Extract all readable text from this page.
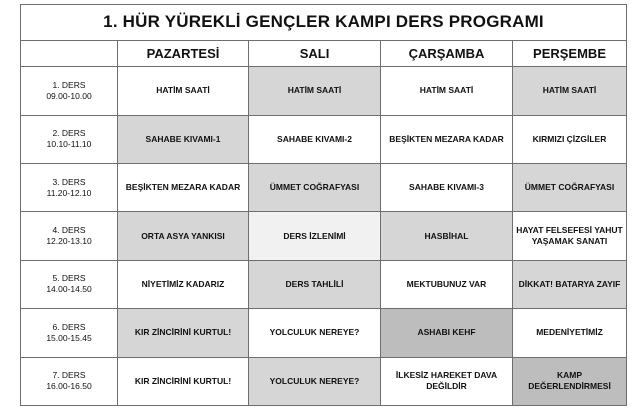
1. HÜR YÜREKLİ GENÇLER KAMPI DERS PROGRAMI				
	PAZARTESİ	SALI	ÇARŞAMBA	PERŞEMBE

1. DERS
09.00-10.00	HATİM SAATİ	HATİM SAATİ	HATİM SAATİ	HATİM SAATİ

2. DERS
10.10-11.10	SAHABE KIVAMI-1	SAHABE KIVAMI-2	BEŞİKTEN MEZARA KADAR	KIRMIZI ÇİZGİLER

3. DERS
11.20-12.10	BEŞİKTEN MEZARA KADAR	ÜMMET COĞRAFYASI	SAHABE KIVAMI-3	ÜMMET COĞRAFYASI

4. DERS
12.20-13.10	ORTA ASYA YANKISI	DERS İZLENİMİ	HASBİHAL	HAYAT FELSEFESİ YAHUT
YAŞAMAK SANATI

5. DERS
14.00-14.50	NİYETİMİZ KADARIZ	DERS TAHLİLİ	MEKTUBUNUZ VAR	DİKKAT! BATARYA ZAYIF

6. DERS
15.00-15.45	KIR ZİNCİRİNİ KURTUL!	YOLCULUK NEREYE?	ASHABI KEHF	MEDENİYETİMİZ

7. DERS
16.00-16.50	KIR ZİNCİRİNİ KURTUL!	YOLCULUK NEREYE?	İLKESİZ HAREKET DAVA
DEĞİLDİR	KAMP DEĞERLENDİRMESİ
